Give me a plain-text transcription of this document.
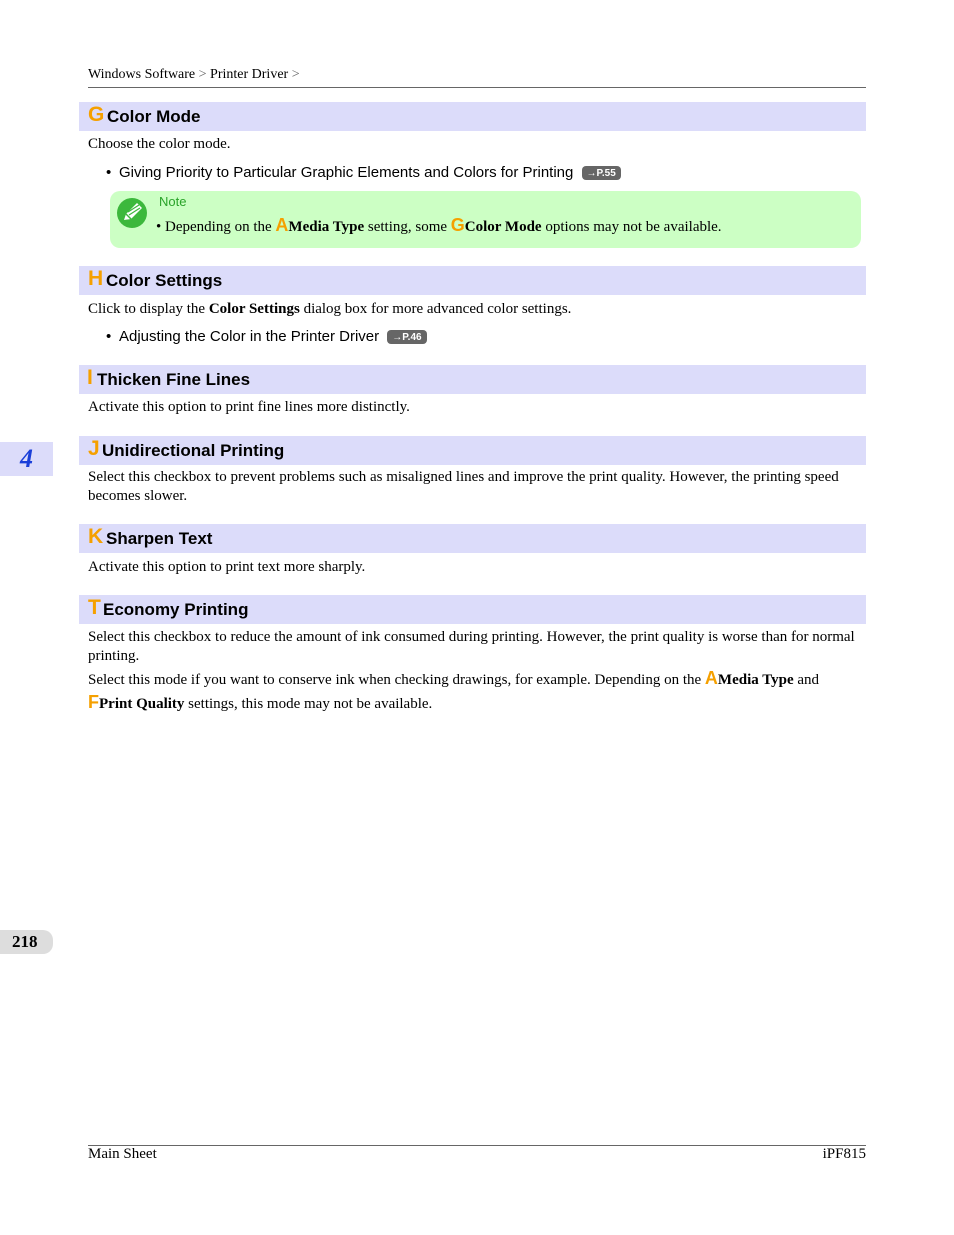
Windows Software > Printer Driver >
G Color Mode
Choose the color mode.
• Giving Priority to Particular Graphic Elements and Colors for Printing →P.55
Note
• Depending on the AMedia Type setting, some GColor Mode options may not be available.
H Color Settings
Click to display the Color Settings dialog box for more advanced color settings.
• Adjusting the Color in the Printer Driver →P.46
I Thicken Fine Lines
Activate this option to print fine lines more distinctly.
J Unidirectional Printing
Select this checkbox to prevent problems such as misaligned lines and improve the print quality. However, the printing speed becomes slower.
K Sharpen Text
Activate this option to print text more sharply.
T Economy Printing
Select this checkbox to reduce the amount of ink consumed during printing. However, the print quality is worse than for normal printing.
Select this mode if you want to conserve ink when checking drawings, for example. Depending on the AMedia Type and
FPrint Quality settings, this mode may not be available.
4
218
Main Sheet	iPF815
